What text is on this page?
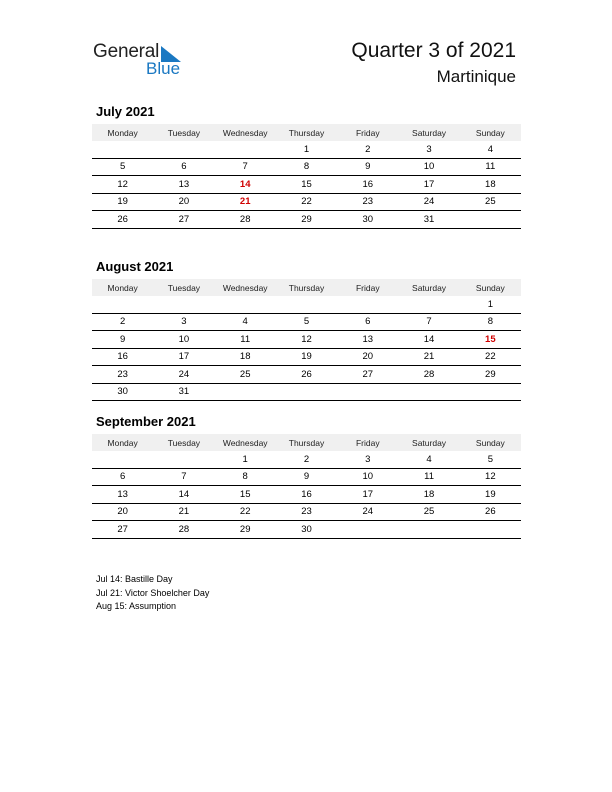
General
Blue
Quarter 3 of 2021
Martinique
July 2021
Monday	Tuesday	Wednesday	Thursday	Friday	Saturday	Sunday
			1	2	3	4
5	6	7	8	9	10	11
12	13	14	15	16	17	18
19	20	21	22	23	24	25
26	27	28	29	30	31	
August 2021
Monday	Tuesday	Wednesday	Thursday	Friday	Saturday	Sunday
						1
2	3	4	5	6	7	8
9	10	11	12	13	14	15
16	17	18	19	20	21	22
23	24	25	26	27	28	29
30	31					
September 2021
Monday	Tuesday	Wednesday	Thursday	Friday	Saturday	Sunday
		1	2	3	4	5
6	7	8	9	10	11	12
13	14	15	16	17	18	19
20	21	22	23	24	25	26
27	28	29	30			
Jul 14: Bastille Day
Jul 21: Victor Shoelcher Day
Aug 15: Assumption
